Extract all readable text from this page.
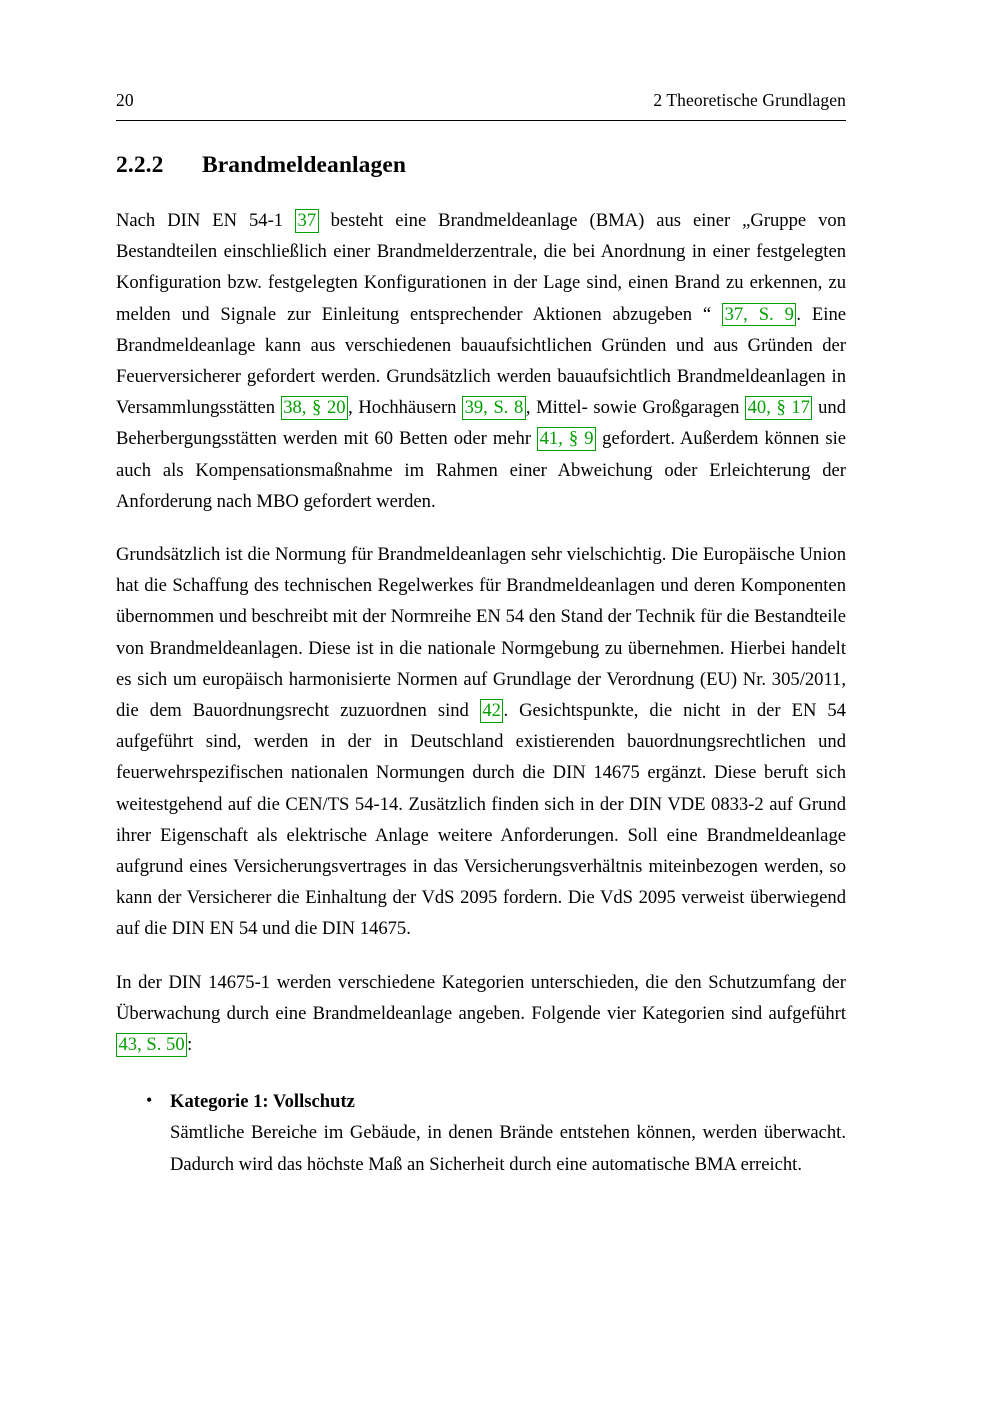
20	2 Theoretische Grundlagen
2.2.2	Brandmeldeanlagen

Nach DIN EN 54-1 37 besteht eine Brandmeldeanlage (BMA) aus einer „Gruppe von Bestandteilen einschließlich einer Brandmelderzentrale, die bei Anordnung in einer festgelegten Konfiguration bzw. festgelegten Konfigurationen in der Lage sind, einen Brand zu erkennen, zu melden und Signale zur Einleitung entsprechender Aktionen abzugeben “ 37, S. 9 . Eine Brandmeldeanlage kann aus verschiedenen bauaufsichtlichen Gründen und aus Gründen der Feuerversicherer gefordert werden. Grundsätzlich werden bauaufsichtlich Brandmeldeanlagen in Versammlungsstätten 38, § 20 , Hochhäusern 39, S. 8 , Mittel- sowie Großgaragen 40, § 17 und Beherbergungsstätten werden mit 60 Betten oder mehr 41, § 9 gefordert. Außerdem können sie auch als Kompensationsmaßnahme im Rahmen einer Abweichung oder Erleichterung der Anforderung nach MBO gefordert werden.

Grundsätzlich ist die Normung für Brandmeldeanlagen sehr vielschichtig. Die Europäische Union hat die Schaffung des technischen Regelwerkes für Brandmeldeanlagen und deren Komponenten übernommen und beschreibt mit der Normreihe EN 54 den Stand der Technik für die Bestandteile von Brandmeldeanlagen. Diese ist in die nationale Normgebung zu übernehmen. Hierbei handelt es sich um europäisch harmonisierte Normen auf Grundlage der Verordnung (EU) Nr. 305/2011, die dem Bauordnungsrecht zuzuordnen sind 42 . Gesichtspunkte, die nicht in der EN 54 aufgeführt sind, werden in der in Deutschland existierenden bauordnungsrechtlichen und feuerwehrspezifischen nationalen Normungen durch die DIN 14675 ergänzt. Diese beruft sich weitestgehend auf die CEN/TS 54-14. Zusätzlich finden sich in der DIN VDE 0833-2 auf Grund ihrer Eigenschaft als elektrische Anlage weitere Anforderungen. Soll eine Brandmeldeanlage aufgrund eines Versicherungsvertrages in das Versicherungsverhältnis miteinbezogen werden, so kann der Versicherer die Einhaltung der VdS 2095 fordern. Die VdS 2095 verweist überwiegend auf die DIN EN 54 und die DIN 14675.

In der DIN 14675-1 werden verschiedene Kategorien unterschieden, die den Schutzumfang der Überwachung durch eine Brandmeldeanlage angeben. Folgende vier Kategorien sind aufgeführt 43, S. 50 :

• Kategorie 1: Vollschutz
Sämtliche Bereiche im Gebäude, in denen Brände entstehen können, werden überwacht. Dadurch wird das höchste Maß an Sicherheit durch eine automatische BMA erreicht.
